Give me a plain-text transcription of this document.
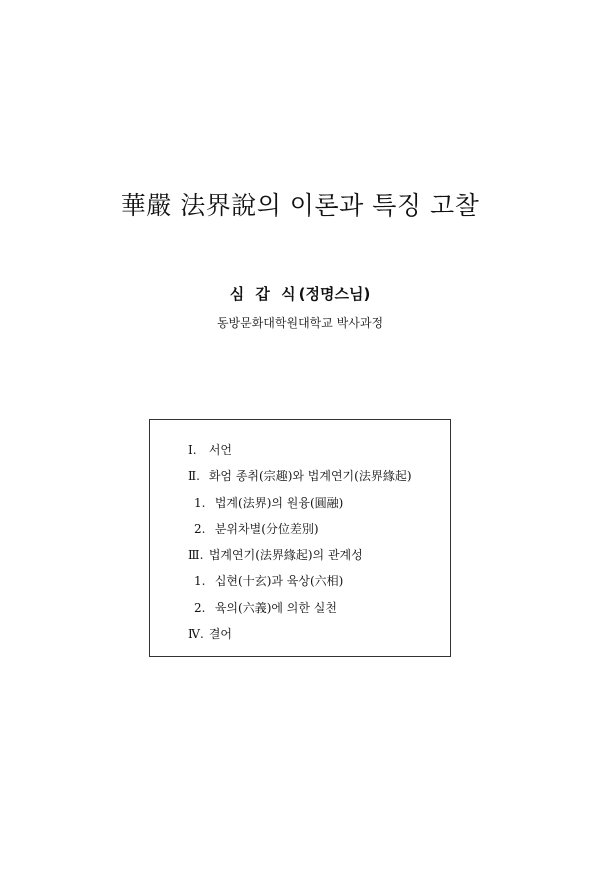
華嚴 法界說의 이론과 특징 고찰
심 갑 식(정명스님)
동방문화대학원대학교 박사과정
Ⅰ. 서언
Ⅱ. 화엄 종취(宗趣)와 법계연기(法界緣起)
1. 법계(法界)의 원융(圓融)
2. 분위차별(分位差別)
Ⅲ. 법계연기(法界緣起)의 관계성
1. 십현(十玄)과 육상(六相)
2. 육의(六義)에 의한 실천
Ⅳ. 결어
